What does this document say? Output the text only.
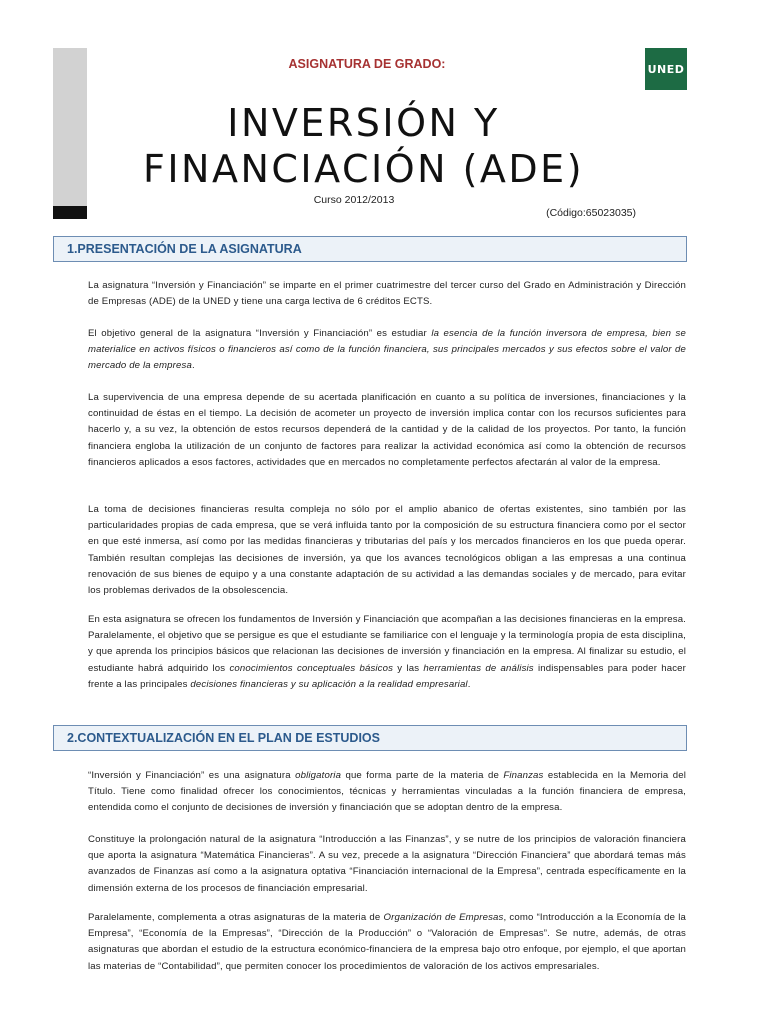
UNED
ASIGNATURA DE GRADO:
INVERSIÓN Y
FINANCIACIÓN (ADE)
Curso 2012/2013
(Código:65023035)
1.PRESENTACIÓN DE LA ASIGNATURA

La asignatura “Inversión y Financiación” se imparte en el primer cuatrimestre del tercer curso del Grado en Administración y Dirección de Empresas (ADE) de la UNED y tiene una carga lectiva de 6 créditos ECTS.

El objetivo general de la asignatura “Inversión y Financiación” es estudiar la esencia de la función inversora de empresa, bien se materialice en activos físicos o financieros así como de la función financiera, sus principales mercados y sus efectos sobre el valor de mercado de la empresa.

La supervivencia de una empresa depende de su acertada planificación en cuanto a su política de inversiones, financiaciones y la continuidad de éstas en el tiempo. La decisión de acometer un proyecto de inversión implica contar con los recursos suficientes para hacerlo y, a su vez, la obtención de estos recursos dependerá de la cantidad y de la calidad de los proyectos. Por tanto, la función financiera engloba la utilización de un conjunto de factores para realizar la actividad económica así como la obtención de recursos financieros aplicados a esos factores, actividades que en mercados no completamente perfectos afectarán al valor de la empresa.

La toma de decisiones financieras resulta compleja no sólo por el amplio abanico de ofertas existentes, sino también por las particularidades propias de cada empresa, que se verá influida tanto por la composición de su estructura financiera como por el sector en que esté inmersa, así como por las medidas financieras y tributarias del país y los mercados financieros en los que pueda operar. También resultan complejas las decisiones de inversión, ya que los avances tecnológicos obligan a las empresas a una continua renovación de sus bienes de equipo y a una constante adaptación de su actividad a las demandas sociales y de mercado, para evitar los problemas derivados de la obsolescencia.

En esta asignatura se ofrecen los fundamentos de Inversión y Financiación que acompañan a las decisiones financieras en la empresa. Paralelamente, el objetivo que se persigue es que el estudiante se familiarice con el lenguaje y la terminología propia de esta disciplina, y que aprenda los principios básicos que relacionan las decisiones de inversión y financiación en la empresa. Al finalizar su estudio, el estudiante habrá adquirido los conocimientos conceptuales básicos y las herramientas de análisis indispensables para poder hacer frente a las principales decisiones financieras y su aplicación a la realidad empresarial.

2.CONTEXTUALIZACIÓN EN EL PLAN DE ESTUDIOS

“Inversión y Financiación” es una asignatura obligatoria que forma parte de la materia de Finanzas establecida en la Memoria del Título. Tiene como finalidad ofrecer los conocimientos, técnicas y herramientas vinculadas a la función financiera de empresa, entendida como el conjunto de decisiones de inversión y financiación que se adoptan dentro de la empresa.

Constituye la prolongación natural de la asignatura “Introducción a las Finanzas”, y se nutre de los principios de valoración financiera que aporta la asignatura “Matemática Financieras”. A su vez, precede a la asignatura “Dirección Financiera” que abordará temas más avanzados de Finanzas así como a la asignatura optativa “Financiación internacional de la Empresa”, centrada específicamente en la dimensión externa de los procesos de financiación empresarial.

Paralelamente, complementa a otras asignaturas de la materia de Organización de Empresas, como “Introducción a la Economía de la Empresa”, “Economía de la Empresas”, “Dirección de la Producción” o “Valoración de Empresas”. Se nutre, además, de otras asignaturas que abordan el estudio de la estructura económico-financiera de la empresa bajo otro enfoque, por ejemplo, el que aportan las materias de “Contabilidad”, que permiten conocer los procedimientos de valoración de los activos empresariales.
